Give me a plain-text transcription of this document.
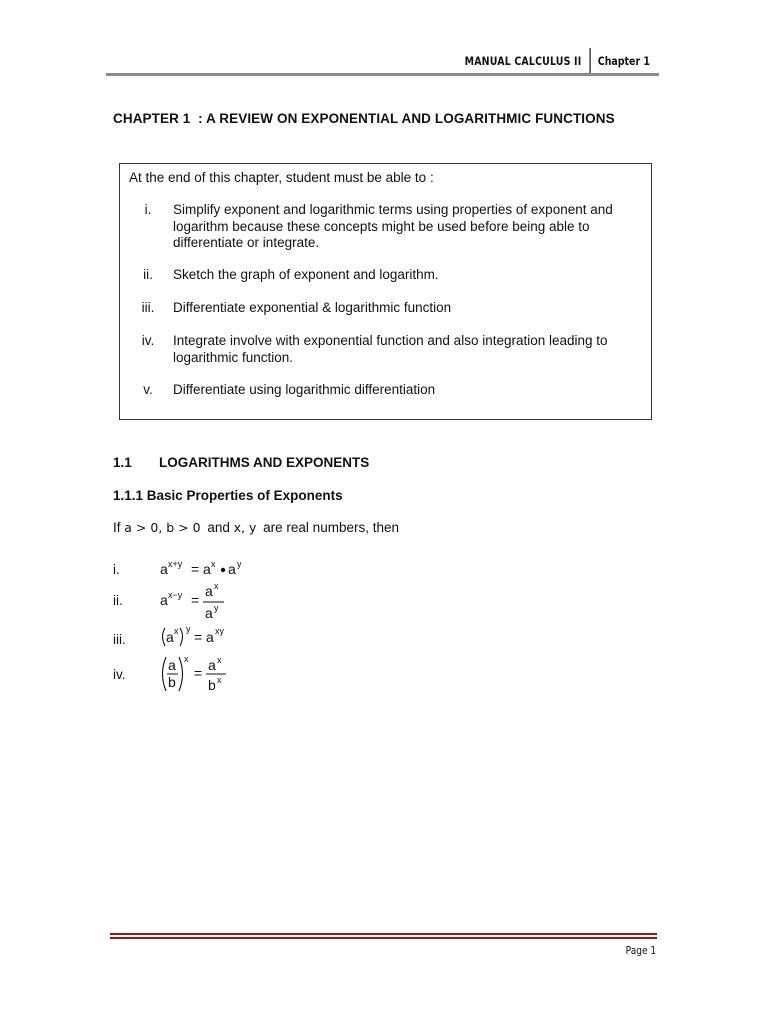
MANUAL CALCULUS II	Chapter 1
CHAPTER 1  : A REVIEW ON EXPONENTIAL AND LOGARITHMIC FUNCTIONS
At the end of this chapter, student must be able to :
i.	Simplify exponent and logarithmic terms using properties of exponent and logarithm because these concepts might be used before being able to differentiate or integrate.
ii.	Sketch the graph of exponent and logarithm.
iii.	Differentiate exponential & logarithmic function
iv.	Integrate involve with exponential function and also integration leading to logarithmic function.
v.	Differentiate using logarithmic differentiation
1.1 LOGARITHMS AND EXPONENTS
1.1.1 Basic Properties of Exponents
If a > 0, b > 0 and x, y are real numbers, then
i.
ii.
iii.
iv.
a x+y = a x a y
a x−y =
a x
a y
a x y = a xy
a
b
x
= a x
b x
Page 1
